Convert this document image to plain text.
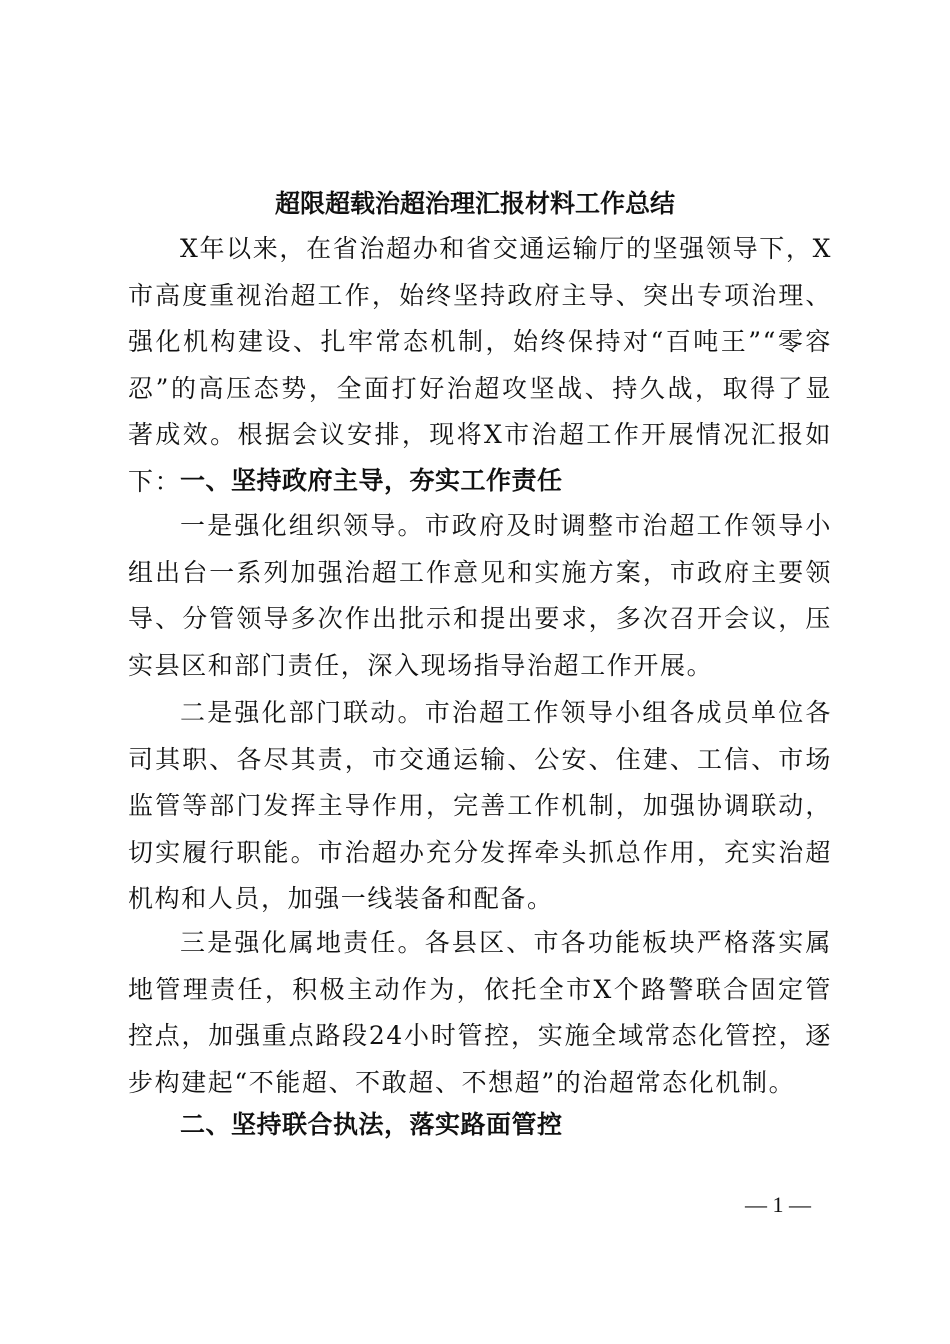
超限超载治超治理汇报材料工作总结

X年以来，在省治超办和省交通运输厅的坚强领导下，X市高度重视治超工作，始终坚持政府主导、突出专项治理、强化机构建设、扎牢常态机制，始终保持对“百吨王”“零容忍”的高压态势，全面打好治超攻坚战、持久战，取得了显著成效。根据会议安排，现将X市治超工作开展情况汇报如下：

一、坚持政府主导，夯实工作责任

一是强化组织领导。市政府及时调整市治超工作领导小组出台一系列加强治超工作意见和实施方案，市政府主要领导、分管领导多次作出批示和提出要求，多次召开会议，压实县区和部门责任，深入现场指导治超工作开展。

二是强化部门联动。市治超工作领导小组各成员单位各司其职、各尽其责，市交通运输、公安、住建、工信、市场监管等部门发挥主导作用，完善工作机制，加强协调联动，切实履行职能。市治超办充分发挥牵头抓总作用，充实治超机构和人员，加强一线装备和配备。

三是强化属地责任。各县区、市各功能板块严格落实属地管理责任，积极主动作为，依托全市X个路警联合固定管控点，加强重点路段24小时管控，实施全域常态化管控，逐步构建起“不能超、不敢超、不想超”的治超常态化机制。

二、坚持联合执法，落实路面管控
— 1 —
